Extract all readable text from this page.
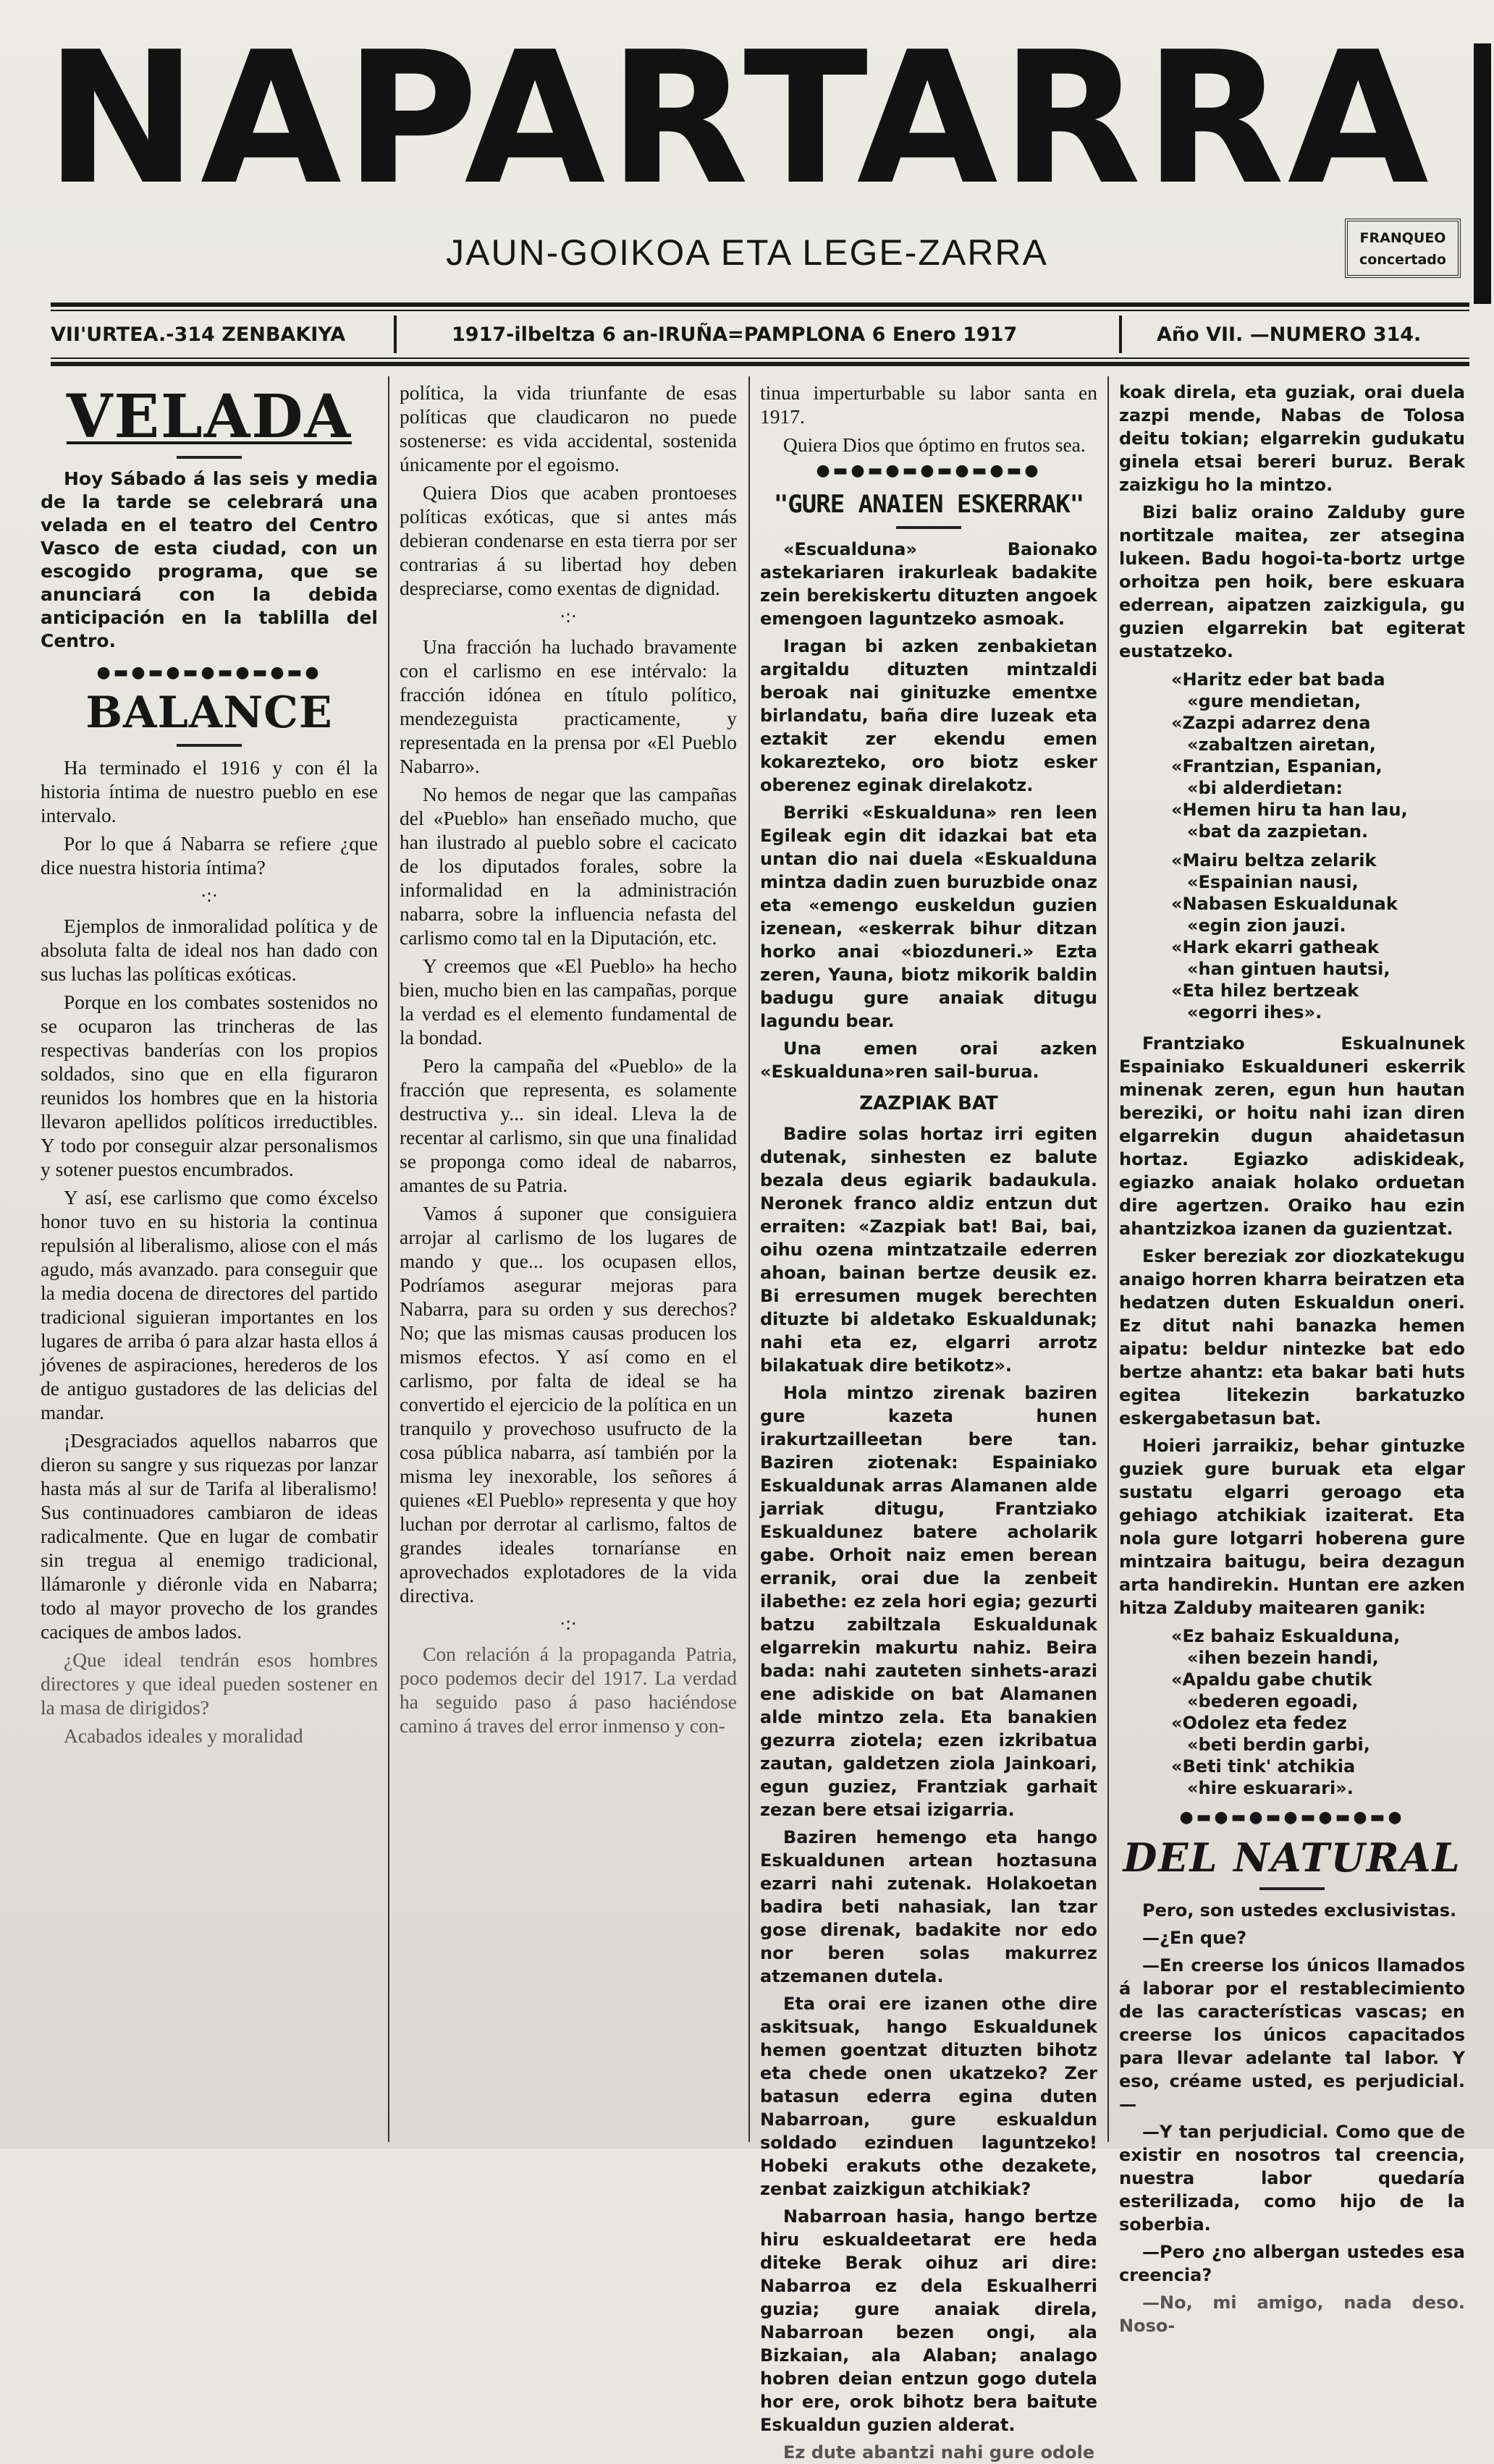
NAPARTARRA
JAUN-GOIKOA ETA LEGE-ZARRA	FRANQUEO
concertado
VII'URTEA.-314 ZENBAKIYA	1917-ilbeltza 6 an-IRUÑA=PAMPLONA 6 Enero 1917	Año VII. —NUMERO 314.
VELADA
Hoy Sábado á las seis y media de la tarde se celebrará una velada en el teatro del Centro Vasco de esta ciudad, con un escogido programa, que se anunciará con la debida anticipación en la tablilla del Centro.
●▬●▬●▬●▬●▬●▬●
BALANCE

Ha terminado el 1916 y con él la historia íntima de nuestro pueblo en ese intervalo.

Por lo que á Nabarra se refiere ¿que dice nuestra historia íntima?

·:·

Ejemplos de inmoralidad política y de absoluta falta de ideal nos han dado con sus luchas las políticas exóticas.

Porque en los combates sostenidos no se ocuparon las trincheras de las respectivas banderías con los propios soldados, sino que en ella figuraron reunidos los hombres que en la historia llevaron apellidos políticos irreductibles. Y todo por conseguir alzar personalismos y sotener puestos encumbrados.

Y así, ese carlismo que como éxcelso honor tuvo en su historia la continua repulsión al liberalismo, aliose con el más agudo, más avanzado. para conseguir que la media docena de directores del partido tradicional siguieran importantes en los lugares de arriba ó para alzar hasta ellos á jóvenes de aspiraciones, herederos de los de antiguo gustadores de las delicias del mandar.

¡Desgraciados aquellos nabarros que dieron su sangre y sus riquezas por lanzar hasta más al sur de Tarifa al liberalismo! Sus continuadores cambiaron de ideas radicalmente. Que en lugar de combatir sin tregua al enemigo tradicional, llámaronle y diéronle vida en Nabarra; todo al mayor provecho de los grandes caciques de ambos lados.

¿Que ideal tendrán esos hombres directores y que ideal pueden sostener en la masa de dirigidos?

Acabados ideales y moralidad

política, la vida triunfante de esas políticas que claudicaron no puede sostenerse: es vida accidental, sostenida únicamente por el egoismo.

Quiera Dios que acaben prontoeses políticas exóticas, que si antes más debieran condenarse en esta tierra por ser contrarias á su libertad hoy deben despreciarse, como exentas de dignidad.

·:·

Una fracción ha luchado bravamente con el carlismo en ese intérvalo: la fracción idónea en título político, mendezeguista practicamente, y representada en la prensa por «El Pueblo Nabarro».

No hemos de negar que las campañas del «Pueblo» han enseñado mucho, que han ilustrado al pueblo sobre el cacicato de los diputados forales, sobre la informalidad en la administración nabarra, sobre la influencia nefasta del carlismo como tal en la Diputación, etc.

Y creemos que «El Pueblo» ha hecho bien, mucho bien en las campañas, porque la verdad es el elemento fundamental de la bondad.

Pero la campaña del «Pueblo» de la fracción que representa, es solamente destructiva y... sin ideal. Lleva la de recentar al carlismo, sin que una finalidad se proponga como ideal de nabarros, amantes de su Patria.

Vamos á suponer que consiguiera arrojar al carlismo de los lugares de mando y que... los ocupasen ellos, Podríamos asegurar mejoras para Nabarra, para su orden y sus derechos? No; que las mismas causas producen los mismos efectos. Y así como en el carlismo, por falta de ideal se ha convertido el ejercicio de la política en un tranquilo y provechoso usufructo de la cosa pública nabarra, así también por la misma ley inexorable, los señores á quienes «El Pueblo» representa y que hoy luchan por derrotar al carlismo, faltos de grandes ideales tornaríanse en aprovechados explotadores de la vida directiva.

·:·

Con relación á la propaganda Patria, poco podemos decir del 1917. La verdad ha seguido paso á paso haciéndose camino á traves del error inmenso y con-

tinua imperturbable su labor santa en 1917.

Quiera Dios que óptimo en frutos sea.

●▬●▬●▬●▬●▬●▬●
"GURE ANAIEN ESKERRAK"

«Escualduna» Baionako astekariaren irakurleak badakite zein berekiskertu dituzten angoek emengoen laguntzeko asmoak.

Iragan bi azken zenbakietan argitaldu dituzten mintzaldi beroak nai ginituzke ementxe birlandatu, baña dire luzeak eta eztakit zer ekendu emen kokarezteko, oro biotz esker oberenez eginak direlakotz.

Berriki «Eskualduna» ren leen Egileak egin dit idazkai bat eta untan dio nai duela «Eskualduna mintza dadin zuen buruzbide onaz eta «emengo euskeldun guzien izenean, «eskerrak bihur ditzan horko anai «biozduneri.» Ezta zeren, Yauna, biotz mikorik baldin badugu gure anaiak ditugu lagundu bear.

Una emen orai azken «Eskualduna»ren sail-burua.

ZAZPIAK BAT

Badire solas hortaz irri egiten dutenak, sinhesten ez balute bezala deus egiarik badaukula. Neronek franco aldiz entzun dut erraiten: «Zazpiak bat! Bai, bai, oihu ozena mintzatzaile ederren ahoan, bainan bertze deusik ez. Bi erresumen mugek berechten dituzte bi aldetako Eskualdunak; nahi eta ez, elgarri arrotz bilakatuak dire betikotz».

Hola mintzo zirenak baziren gure kazeta hunen irakurtzailleetan bere tan. Baziren ziotenak: Espainiako Eskualdunak arras Alamanen alde jarriak ditugu, Frantziako Eskualdunez batere acholarik gabe. Orhoit naiz emen berean erranik, orai due la zenbeit ilabethe: ez zela hori egia; gezurti batzu zabiltzala Eskualdunak elgarrekin makurtu nahiz. Beira bada: nahi zauteten sinhets-arazi ene adiskide on bat Alamanen alde mintzo zela. Eta banakien gezurra ziotela; ezen izkribatua zautan, galdetzen ziola Jainkoari, egun guziez, Frantziak garhait zezan bere etsai izigarria.

Baziren hemengo eta hango Eskualdunen artean hoztasuna ezarri nahi zutenak. Holakoetan badira beti nahasiak, lan tzar gose direnak, badakite nor edo nor beren solas makurrez atzemanen dutela.

Eta orai ere izanen othe dire askitsuak, hango Eskualdunek hemen goentzat dituzten bihotz eta chede onen ukatzeko? Zer batasun ederra egina duten Nabarroan, gure eskualdun soldado ezinduen laguntzeko! Hobeki erakuts othe dezakete, zenbat zaizkigun atchikiak?

Nabarroan hasia, hango bertze hiru eskualdeetarat ere heda diteke Berak oihuz ari dire: Nabarroa ez dela Eskualherri guzia; gure anaiak direla, Nabarroan bezen ongi, ala Bizkaian, ala Alaban; analago hobren deian entzun gogo dutela hor ere, orok bihotz bera baitute Eskualdun guzien alderat.

Ez dute abantzi nahi gure odole

koak direla, eta guziak, orai duela zazpi mende, Nabas de Tolosa deitu tokian; elgarrekin gudukatu ginela etsai bereri buruz. Berak zaizkigu ho la mintzo.

Bizi baliz oraino Zalduby gure nortitzale maitea, zer atsegina lukeen. Badu hogoi-ta-bortz urtge orhoitza pen hoik, bere eskuara ederrean, aipatzen zaizkigula, gu guzien elgarrekin bat egiterat eustatzeko.

«Haritz eder bat bada
«gure mendietan,
«Zazpi adarrez dena
«zabaltzen airetan,
«Frantzian, Espanian,
«bi alderdietan:
«Hemen hiru ta han lau,
«bat da zazpietan.
«Mairu beltza zelarik
«Espainian nausi,
«Nabasen Eskualdunak
«egin zion jauzi.
«Hark ekarri gatheak
«han gintuen hautsi,
«Eta hilez bertzeak
«egorri ihes».

Frantziako Eskualnunek Espainiako Eskualduneri eskerrik minenak zeren, egun hun hautan bereziki, or hoitu nahi izan diren elgarrekin dugun ahaidetasun hortaz. Egiazko adiskideak, egiazko anaiak holako orduetan dire agertzen. Oraiko hau ezin ahantzizkoa izanen da guzientzat.

Esker bereziak zor diozkatekugu anaigo horren kharra beiratzen eta hedatzen duten Eskualdun oneri. Ez ditut nahi banazka hemen aipatu: beldur nintezke bat edo bertze ahantz: eta bakar bati huts egitea litekezin barkatuzko eskergabetasun bat.

Hoieri jarraikiz, behar gintuzke guziek gure buruak eta elgar sustatu elgarri geroago eta gehiago atchikiak izaiterat. Eta nola gure lotgarri hoberena gure mintzaira baitugu, beira dezagun arta handirekin. Huntan ere azken hitza Zalduby maitearen ganik:

«Ez bahaiz Eskualduna,
«ihen bezein handi,
«Apaldu gabe chutik
«bederen egoadi,
«Odolez eta fedez
«beti berdin garbi,
«Beti tink' atchikia
«hire eskuarari».
●▬●▬●▬●▬●▬●▬●
DEL NATURAL

Pero, son ustedes exclusivistas.

—¿En que?

—En creerse los únicos llamados á laborar por el restablecimiento de las características vascas; en creerse los únicos capacitados para llevar adelante tal labor. Y eso, créame usted, es perjudicial.—

—Y tan perjudicial. Como que de existir en nosotros tal creencia, nuestra labor quedaría esterilizada, como hijo de la soberbia.

—Pero ¿no albergan ustedes esa creencia?

—No, mi amigo, nada deso. Noso-
